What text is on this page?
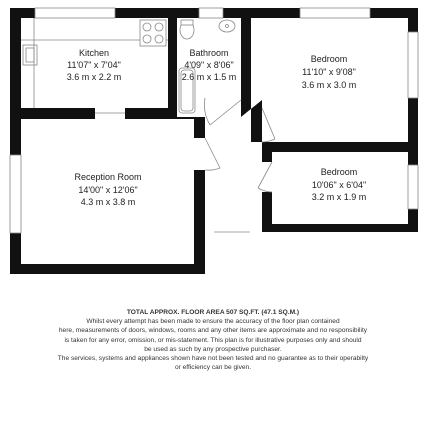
Kitchen
11'07" x 7'04"
3.6 m x 2.2 m
Bathroom
4'09" x 8'06"
2.6 m x 1.5 m
Bedroom
11'10" x 9'08"
3.6 m x 3.0 m
Reception Room
14'00" x 12'06"
4.3 m x 3.8 m
Bedroom
10'06" x 6'04"
3.2 m x 1.9 m
TOTAL APPROX. FLOOR AREA 507 SQ.FT. (47.1 SQ.M.)
Whilst every attempt has been made to ensure the accuracy of the floor plan contained
here, measurements of doors, windows, rooms and any other items are approximate and no responsibility
is taken for any error, omission, or mis-statement. This plan is for illustrative purposes only and should
be used as such by any prospective purchaser.
The services, systems and appliances shown have not been tested and no guarantee as to their operabilty
or efficiency can be given.
